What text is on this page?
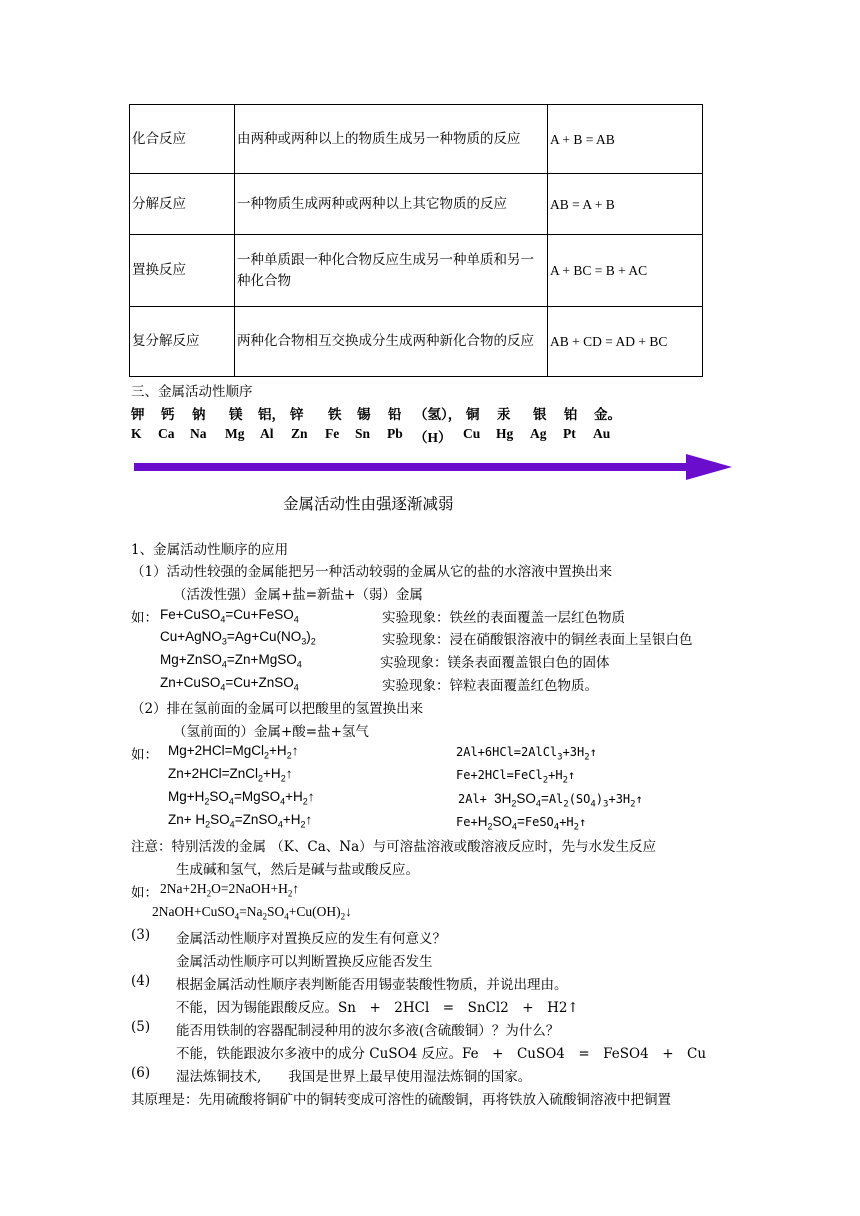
化合反应	由两种或两种以上的物质生成另一种物质的反应	A + B = AB
分解反应	一种物质生成两种或两种以上其它物质的反应	AB = A + B
置换反应	一种单质跟一种化合物反应生成另一种单质和另一种化合物	A + BC = B + AC
复分解反应	两种化合物相互交换成分生成两种新化合物的反应	AB + CD = AD + BC
三、金属活动性顺序
钾 钙 钠 镁 铝， 锌 铁 锡 铅 （氢）， 铜 汞 银 铂 金。
K Ca Na Mg Al Zn Fe Sn Pb （H） Cu Hg Ag Pt Au
金属活动性由强逐渐减弱
1、金属活动性顺序的应用
（1）活动性较强的金属能把另一种活动较弱的金属从它的盐的水溶液中置换出来
（活泼性强）金属+盐=新盐+（弱）金属
如： Fe+CuSO$_4$=Cu+FeSO$_4$	实验现象：铁丝的表面覆盖一层红色物质
$Cu+AgNO_3=Ag+Cu(NO_3)_2$	实验现象：浸在硝酸银溶液中的铜丝表面上呈银白色
Mg+ZnSO$_4$=Zn+MgSO$_4$	实验现象：镁条表面覆盖银白色的固体
Zn+CuSO$_4$=Cu+ZnSO$_4$	实验现象：锌粒表面覆盖红色物质。
（2）排在氢前面的金属可以把酸里的氢置换出来
（氢前面的）金属+酸=盐+氢气
如： $Mg+2HCl=MgCl_2+H_2↑$	$2Al+6HCl=2AlCl_3+3H_2↑$
$Zn+2HCl=ZnCl_2+H_2↑$	$Fe+2HCl=FeCl_2+H_2↑$
$Mg+H_2SO_4=MgSO_4+H_2↑$	$2Al+ 3H_2SO_4=Al_2(SO_4)_3+3H_2↑$
$Zn+ H_2SO_4=ZnSO_4+H_2↑$	$Fe+H_2SO_4=FeSO_4+H_2↑$
注意：特别活泼的金属 （K、Ca、Na）与可溶盐溶液或酸溶液反应时，先与水发生反应
生成碱和氢气，然后是碱与盐或酸反应。
如： $2Na+2H_2O=2NaOH+H_2↑$
$2NaOH+CuSO_4=Na_2SO_4+Cu(OH)_2↓$
(3) 金属活动性顺序对置换反应的发生有何意义？
金属活动性顺序可以判断置换反应能否发生
(4) 根据金属活动性顺序表判断能否用锡壶装酸性物质，并说出理由。
不能，因为锡能跟酸反应。Sn　+　2HCl　=　SnCl2　+　H2↑
(5) 能否用铁制的容器配制浸种用的波尔多液(含硫酸铜）？为什么？
不能，铁能跟波尔多液中的成分 CuSO4 反应。Fe　+　CuSO4　=　FeSO4　+　Cu
(6) 湿法炼铜技术,　　我国是世界上最早使用湿法炼铜的国家。
其原理是：先用硫酸将铜矿中的铜转变成可溶性的硫酸铜，再将铁放入硫酸铜溶液中把铜置
